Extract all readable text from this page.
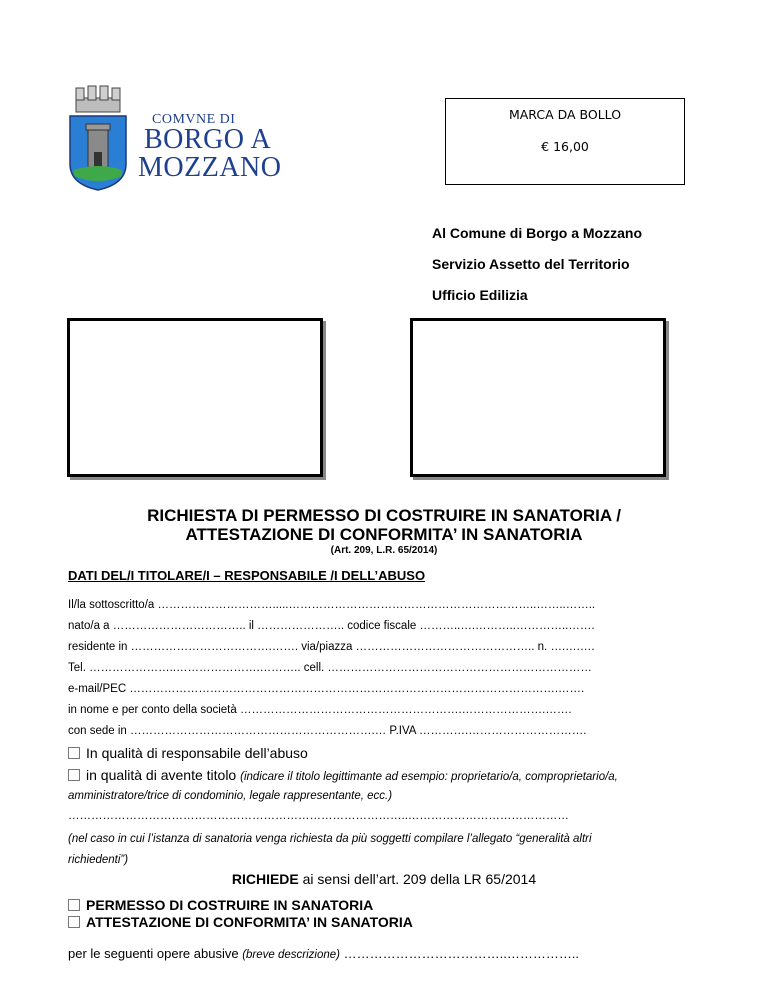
COMVNE DI
BORGO A
MOZZANO
MARCA DA BOLLO
€ 16,00
Al Comune di Borgo a Mozzano
Servizio Assetto del Territorio
Ufficio Edilizia
RICHIESTA DI PERMESSO DI COSTRUIRE IN SANATORIA /
ATTESTAZIONE DI CONFORMITA’ IN SANATORIA
(Art. 209, L.R. 65/2014)
DATI DEL/I TITOLARE/I – RESPONSABILE /I DELL’ABUSO
Il/la sottoscritto/a ………………………….....………………………………………………………..……..……..
nato/a a …………………………….. il ………………….. codice fiscale ………..….………..…………..…….
residente in ……………………………….……. via/piazza ……………………………………….. n. ….….….
Tel. …………………..………………….……….. cell. ……………………………………………………………
e-mail/PEC ………………………………………………………………………………………………….…….
in nome e per conto della società ………………………………………………….………………….…….
con sede in ……………………………………………………….… P.IVA ………….………………………….
In qualità di responsabile dell’abuso
in qualità di avente titolo (indicare il titolo legittimante ad esempio: proprietario/a, comproprietario/a,
amministratore/trice di condominio, legale rappresentante, ecc.)
……………………………………………………………………………..……………………………………
(nel caso in cui l’istanza di sanatoria venga richiesta da più soggetti compilare l’allegato “generalità altri
richiedenti”)
RICHIEDE ai sensi dell’art. 209 della LR 65/2014
PERMESSO DI COSTRUIRE IN SANATORIA
ATTESTAZIONE DI CONFORMITA’ IN SANATORIA
per le seguenti opere abusive (breve descrizione) ………………………………..……………..
